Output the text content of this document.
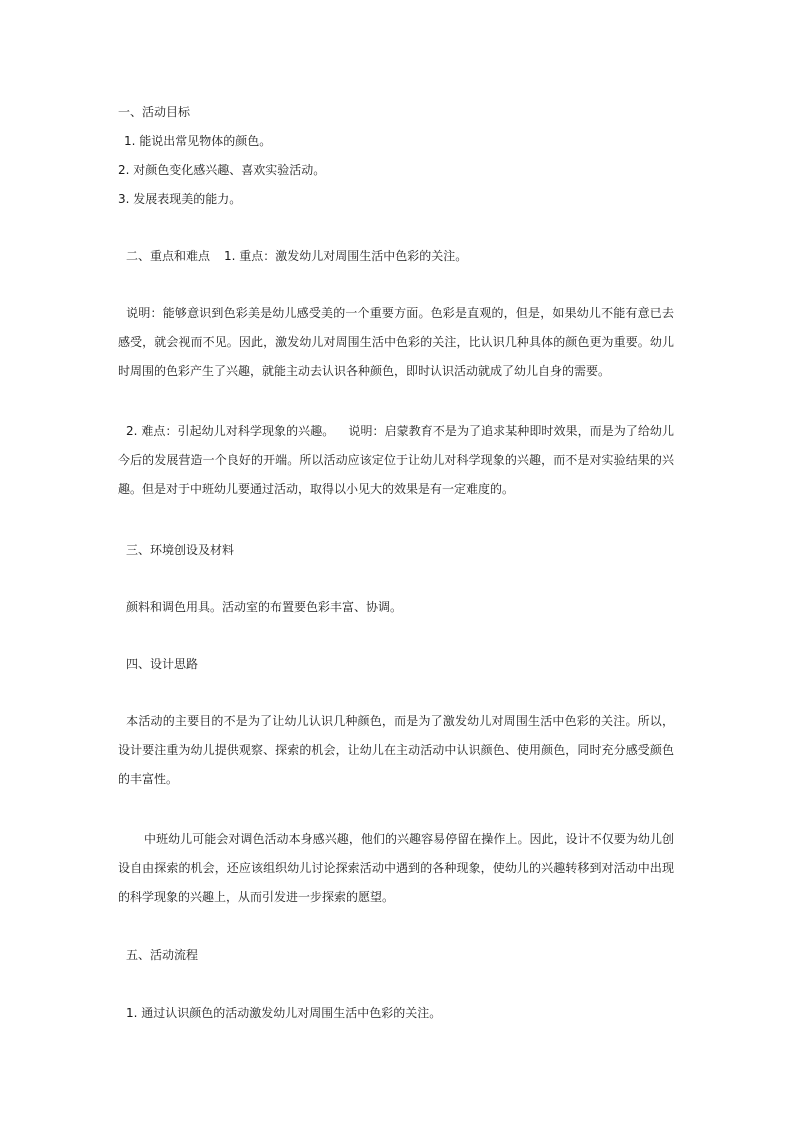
一、活动目标

1. 能说出常见物体的颜色。

2. 对颜色变化感兴趣、喜欢实验活动。

3. 发展表现美的能力。

二、重点和难点 1. 重点：激发幼儿对周围生活中色彩的关注。

说明：能够意识到色彩美是幼儿感受美的一个重要方面。色彩是直观的，但是，如果幼儿不能有意已去感受，就会视而不见。因此，激发幼儿对周围生活中色彩的关注，比认识几种具体的颜色更为重要。幼儿时周围的色彩产生了兴趣，就能主动去认识各种颜色，即时认识活动就成了幼儿自身的需要。

2. 难点：引起幼儿对科学现象的兴趣。 说明：启蒙教育不是为了追求某种即时效果，而是为了给幼儿今后的发展营造一个良好的开端。所以活动应该定位于让幼儿对科学现象的兴趣，而不是对实验结果的兴趣。但是对于中班幼儿要通过活动，取得以小见大的效果是有一定难度的。

三、环境创设及材料

颜料和调色用具。活动室的布置要色彩丰富、协调。

四、设计思路

本活动的主要目的不是为了让幼儿认识几种颜色，而是为了激发幼儿对周围生活中色彩的关注。所以，设计要注重为幼儿提供观察、探索的机会，让幼儿在主动活动中认识颜色、使用颜色，同时充分感受颜色的丰富性。

中班幼儿可能会对调色活动本身感兴趣，他们的兴趣容易停留在操作上。因此，设计不仅要为幼儿创设自由探索的机会，还应该组织幼儿讨论探索活动中遇到的各种现象，使幼儿的兴趣转移到对活动中出现的科学现象的兴趣上，从而引发进一步探索的愿望。

五、活动流程

1. 通过认识颜色的活动激发幼儿对周围生活中色彩的关注。
